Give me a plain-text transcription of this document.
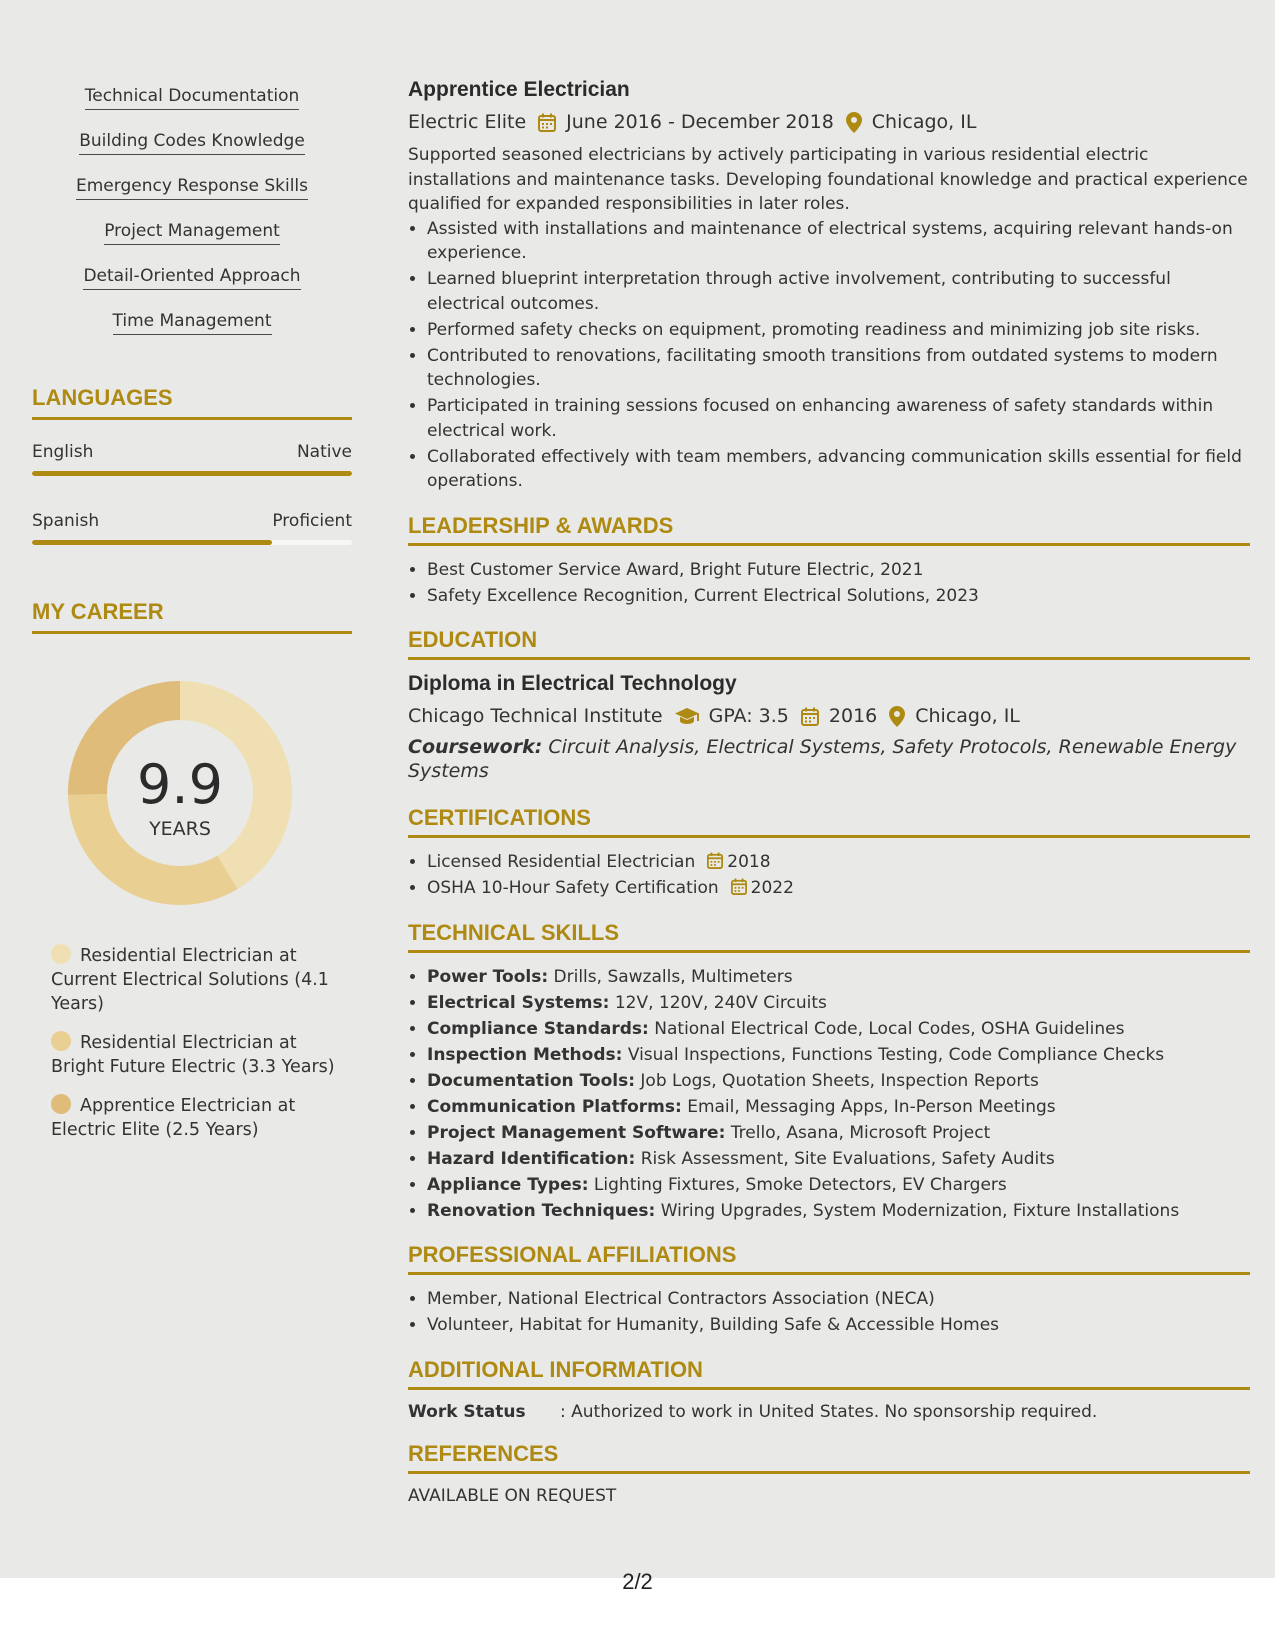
Technical Documentation
Building Codes Knowledge
Emergency Response Skills
Project Management
Detail-Oriented Approach
Time Management
LANGUAGES
English	Native
Spanish	Proficient
MY CAREER
9.9
YEARS
Residential Electrician at Current Electrical Solutions (4.1 Years)
Residential Electrician at Bright Future Electric (3.3 Years)
Apprentice Electrician at Electric Elite (2.5 Years)
Apprentice Electrician
Electric Elite June 2016 - December 2018 Chicago, IL
Supported seasoned electricians by actively participating in various residential electric installations and maintenance tasks. Developing foundational knowledge and practical experience qualified for expanded responsibilities in later roles.
• Assisted with installations and maintenance of electrical systems, acquiring relevant hands-on experience.
• Learned blueprint interpretation through active involvement, contributing to successful electrical outcomes.
• Performed safety checks on equipment, promoting readiness and minimizing job site risks.
• Contributed to renovations, facilitating smooth transitions from outdated systems to modern technologies.
• Participated in training sessions focused on enhancing awareness of safety standards within electrical work.
• Collaborated effectively with team members, advancing communication skills essential for field operations.
LEADERSHIP & AWARDS
• Best Customer Service Award, Bright Future Electric, 2021
• Safety Excellence Recognition, Current Electrical Solutions, 2023
EDUCATION
Diploma in Electrical Technology
Chicago Technical Institute GPA: 3.5 2016 Chicago, IL
Coursework: Circuit Analysis, Electrical Systems, Safety Protocols, Renewable Energy Systems
CERTIFICATIONS
• Licensed Residential Electrician 2018
• OSHA 10-Hour Safety Certification 2022
TECHNICAL SKILLS
• Power Tools: Drills, Sawzalls, Multimeters
• Electrical Systems: 12V, 120V, 240V Circuits
• Compliance Standards: National Electrical Code, Local Codes, OSHA Guidelines
• Inspection Methods: Visual Inspections, Functions Testing, Code Compliance Checks
• Documentation Tools: Job Logs, Quotation Sheets, Inspection Reports
• Communication Platforms: Email, Messaging Apps, In-Person Meetings
• Project Management Software: Trello, Asana, Microsoft Project
• Hazard Identification: Risk Assessment, Site Evaluations, Safety Audits
• Appliance Types: Lighting Fixtures, Smoke Detectors, EV Chargers
• Renovation Techniques: Wiring Upgrades, System Modernization, Fixture Installations
PROFESSIONAL AFFILIATIONS
• Member, National Electrical Contractors Association (NECA)
• Volunteer, Habitat for Humanity, Building Safe & Accessible Homes
ADDITIONAL INFORMATION
Work Status	: Authorized to work in United States. No sponsorship required.
REFERENCES
AVAILABLE ON REQUEST
2/2
